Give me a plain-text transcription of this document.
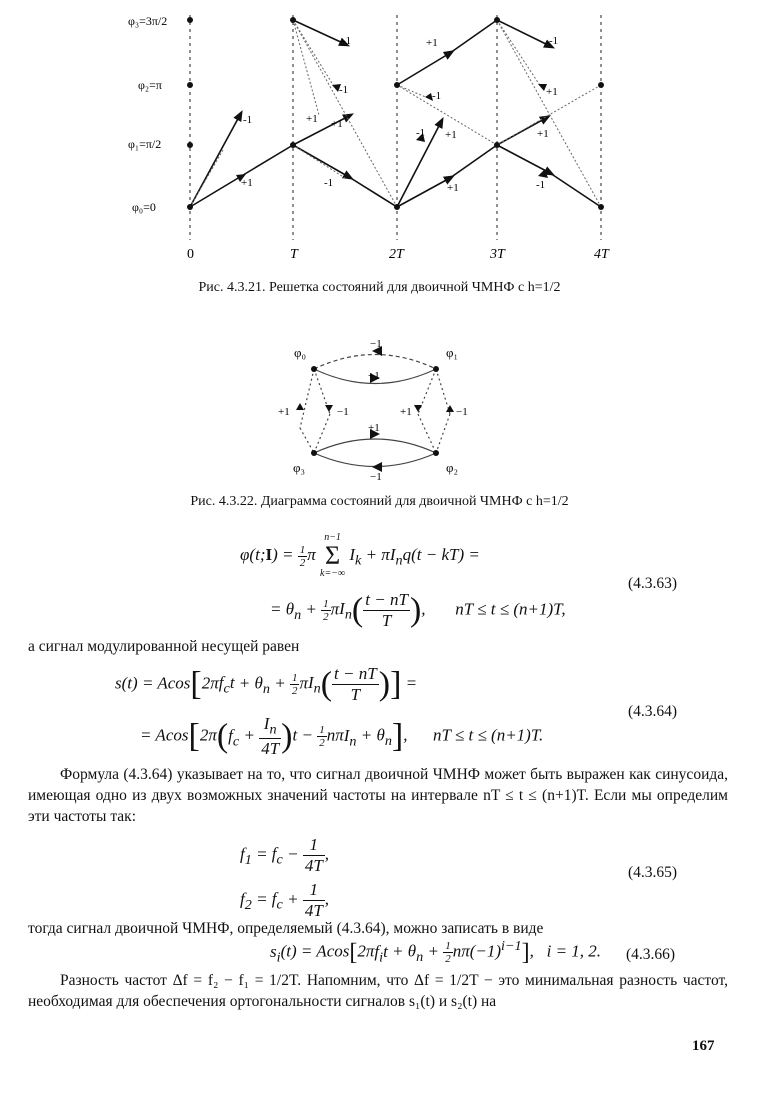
φ₃=3π/2
φ₂=π
φ₁=π/2
φ₀=0
-1
+1
-1
+1 +1
-1
-1
+1
-1
+1
-1	+1
-1
+1
+1
-1
0	T	2T	3T	4T
Рис. 4.3.21. Решетка состояний для двоичной ЧМНФ с h=1/2
φ₀	φ₁
φ₃	φ₂
−1
+1
+1	−1	+1	−1
+1
−1
Рис. 4.3.22. Диаграмма состояний для двоичной ЧМНФ с h=1/2
φ(t;I) = $\frac{1}{2}$ π
n−1
Σ
k=−∞
$I_k + \pi I_nq(t - kT)$ =
= $\theta_n + \frac{1}{2} \pi I_n( \frac{t - nT}{T}$ ),       nT ≤ t ≤ (n+1)T,
(4.3.63)
а сигнал модулированной несущей равен
$s(t) = Acos[2\pi f_ct + \theta_n + \frac{1}{2} \pi I_n( \frac{t - nT}{T}$ )] =
= $Acos[2\pi(f_c + \frac{I_n}{4T} )t - \frac{1}{2} n\pi I_n + \theta_n]$,      nT ≤ t ≤ (n+1)T.
(4.3.64)
Формула (4.3.64) указывает на то, что сигнал двоичной ЧМНФ может быть выражен как синусоида, имеющая одно из двух возможных значений частоты на интервале nT ≤ t ≤ (n+1)T. Если мы определим эти частоты так:
$f_1 = f_c - \frac{1}{4T}$ ,
$f_2 = f_c + \frac{1}{4T}$ ,
(4.3.65)
тогда сигнал двоичной ЧМНФ, определяемый (4.3.64), можно записать в виде
$s_i(t) = Acos[2\pi f_it + \theta_n + \frac{1}{2} n\pi(-1)^{i-1}]$,   i = 1, 2. (4.3.66)
Разность частот Δf = f₂ − f₁ = 1/2T. Напомним, что Δf = 1/2T − это минимальная разность частот, необходимая для обеспечения ортогональности сигналов s₁(t) и s₂(t) на
167
